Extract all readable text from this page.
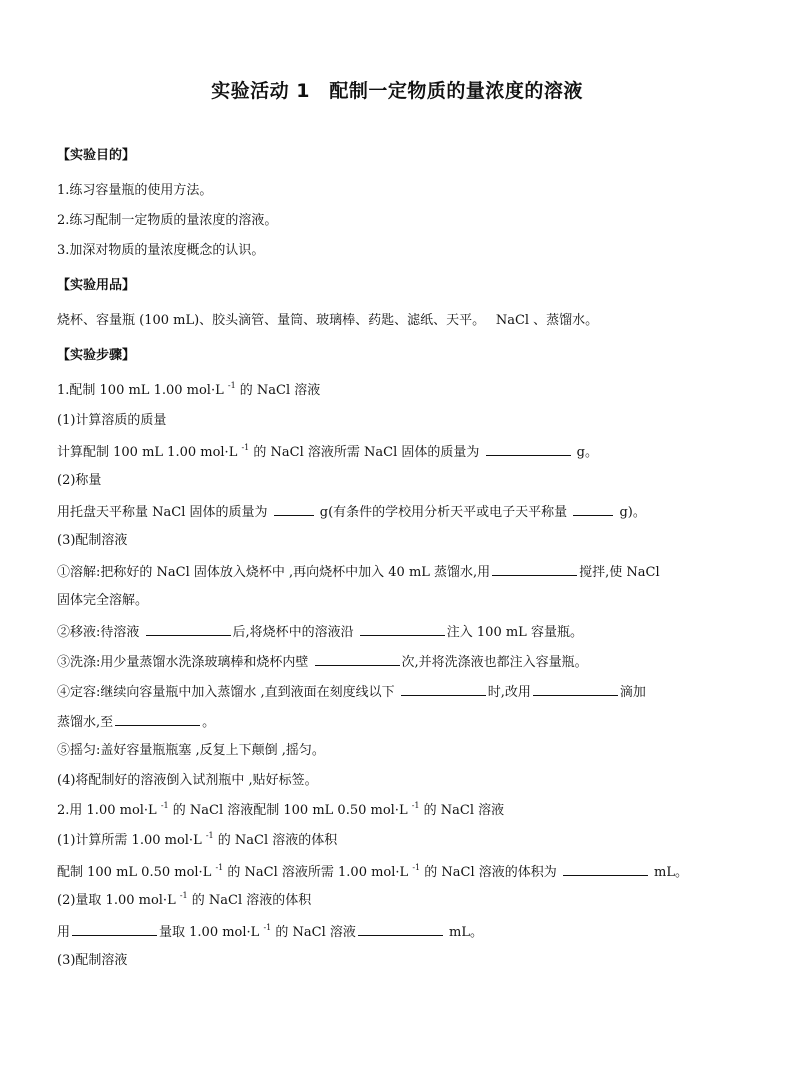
实验活动 1　配制一定物质的量浓度的溶液
【实验目的】
1.练习容量瓶的使用方法。
2.练习配制一定物质的量浓度的溶液。
3.加深对物质的量浓度概念的认识。
【实验用品】
烧杯、容量瓶 (100 mL)、胶头滴管、量筒、玻璃棒、药匙、滤纸、天平。　 NaCl 、蒸馏水。
【实验步骤】
1.配制 100 mL 1.00 mol·L $^{-1}$ 的 NaCl 溶液
(1)计算溶质的质量
计算配制 100 mL 1.00 mol·L $^{-1}$ 的 NaCl 溶液所需 NaCl 固体的质量为	g。
(2)称量
用托盘天平称量 NaCl 固体的质量为	g(有条件的学校用分析天平或电子天平称量	g)。
(3)配制溶液
①溶解:把称好的 NaCl 固体放入烧杯中 ,再向烧杯中加入 40 mL 蒸馏水,用	搅拌,使 NaCl
固体完全溶解。
②移液:待溶液	后,将烧杯中的溶液沿	注入 100 mL 容量瓶。
③洗涤:用少量蒸馏水洗涤玻璃棒和烧杯内壁	次,并将洗涤液也都注入容量瓶。
④定容:继续向容量瓶中加入蒸馏水 ,直到液面在刻度线以下	时,改用	滴加
蒸馏水,至	。
⑤摇匀:盖好容量瓶瓶塞 ,反复上下颠倒 ,摇匀。
(4)将配制好的溶液倒入试剂瓶中 ,贴好标签。
2.用 1.00 mol·L $^{-1}$ 的 NaCl 溶液配制 100 mL 0.50 mol·L $^{-1}$ 的 NaCl 溶液
(1)计算所需 1.00 mol·L $^{-1}$ 的 NaCl 溶液的体积
配制 100 mL 0.50 mol·L $^{-1}$ 的 NaCl 溶液所需 1.00 mol·L $^{-1}$ 的 NaCl 溶液的体积为	mL。
(2)量取 1.00 mol·L $^{-1}$ 的 NaCl 溶液的体积
用	量取 1.00 mol·L $^{-1}$ 的 NaCl 溶液	mL。
(3)配制溶液
